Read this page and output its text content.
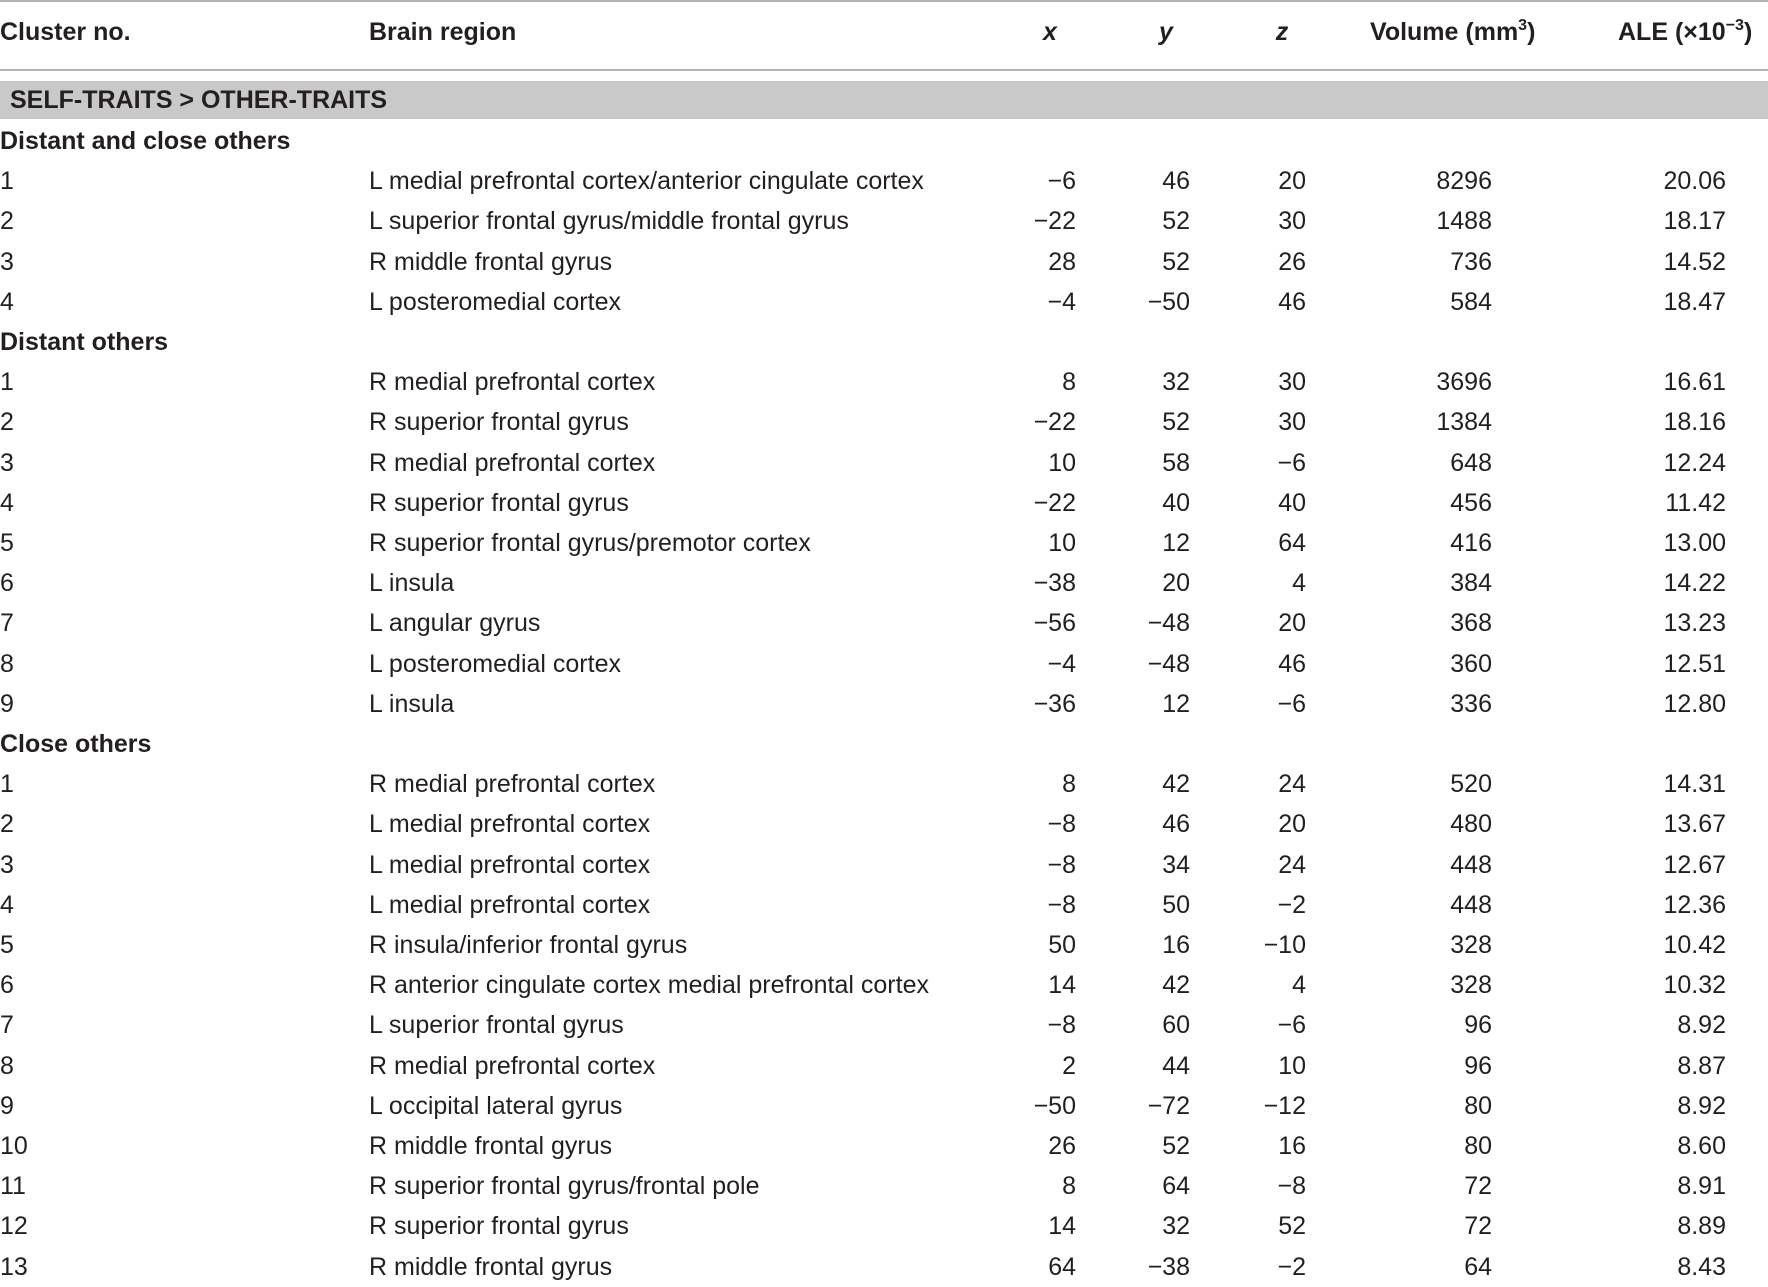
Cluster no.	Brain region	x	y	z	Volume $(mm^3)$	ALE $(\times 10^{-3})$
SELF-TRAITS > OTHER-TRAITS
Distant and close others
1	L medial prefrontal cortex/anterior cingulate cortex	−6	46	20	8296	20.06
2	L superior frontal gyrus/middle frontal gyrus	−22	52	30	1488	18.17
3	R middle frontal gyrus	28	52	26	736	14.52
4	L posteromedial cortex	−4	−50	46	584	18.47
Distant others
1	R medial prefrontal cortex	8	32	30	3696	16.61
2	R superior frontal gyrus	−22	52	30	1384	18.16
3	R medial prefrontal cortex	10	58	−6	648	12.24
4	R superior frontal gyrus	−22	40	40	456	11.42
5	R superior frontal gyrus/premotor cortex	10	12	64	416	13.00
6	L insula	−38	20	4	384	14.22
7	L angular gyrus	−56	−48	20	368	13.23
8	L posteromedial cortex	−4	−48	46	360	12.51
9	L insula	−36	12	−6	336	12.80
Close others
1	R medial prefrontal cortex	8	42	24	520	14.31
2	L medial prefrontal cortex	−8	46	20	480	13.67
3	L medial prefrontal cortex	−8	34	24	448	12.67
4	L medial prefrontal cortex	−8	50	−2	448	12.36
5	R insula/inferior frontal gyrus	50	16	−10	328	10.42
6	R anterior cingulate cortex medial prefrontal cortex	14	42	4	328	10.32
7	L superior frontal gyrus	−8	60	−6	96	8.92
8	R medial prefrontal cortex	2	44	10	96	8.87
9	L occipital lateral gyrus	−50	−72	−12	80	8.92
10	R middle frontal gyrus	26	52	16	80	8.60
11	R superior frontal gyrus/frontal pole	8	64	−8	72	8.91
12	R superior frontal gyrus	14	32	52	72	8.89
13	R middle frontal gyrus	64	−38	−2	64	8.43
